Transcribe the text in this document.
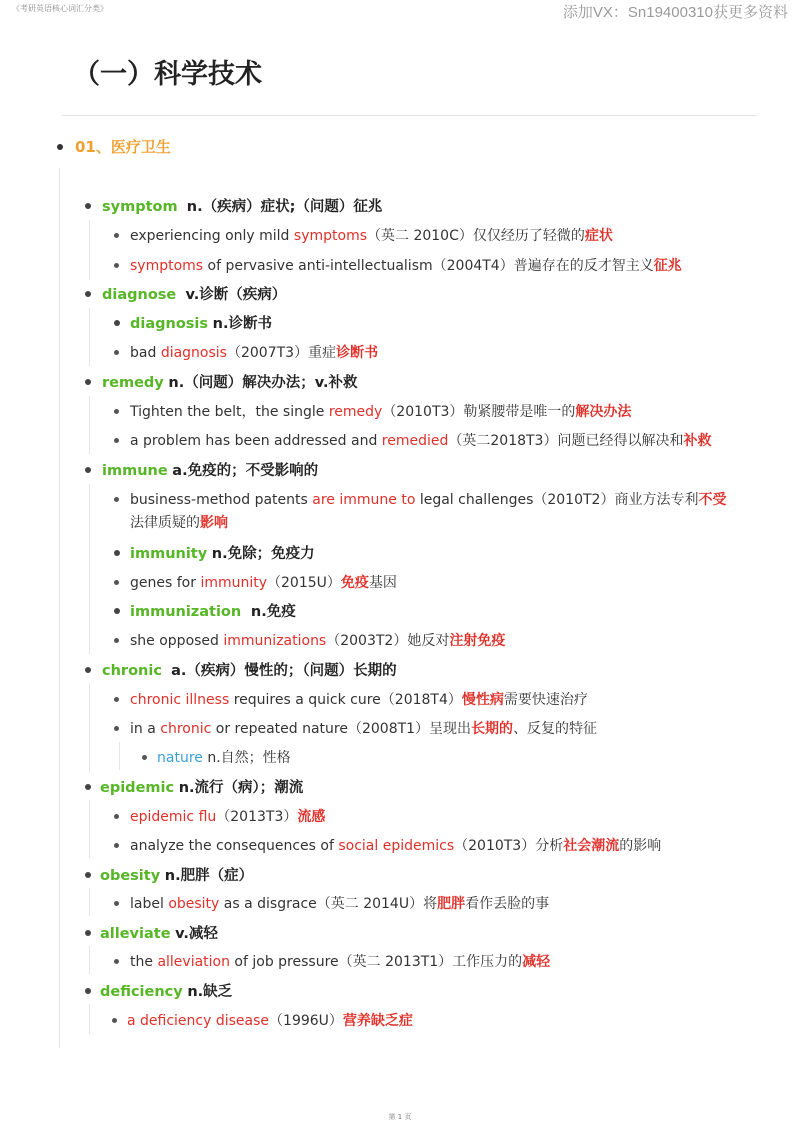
《考研英语核心词汇分类》	添加VX：Sn19400310获更多资料
（一）科学技术
01、医疗卫生
symptom n.（疾病）症状;（问题）征兆
experiencing only mild symptoms（英二 2010C）仅仅经历了轻微的症状
symptoms of pervasive anti-intellectualism（2004T4）普遍存在的反才智主义征兆
diagnose v.诊断（疾病）
diagnosis n.诊断书
bad diagnosis（2007T3）重症诊断书
remedy n.（问题）解决办法；v.补救
Tighten the belt，the single remedy（2010T3）勒紧腰带是唯一的解决办法
a problem has been addressed and remedied（英二2018T3）问题已经得以解决和补救
immune a.免疫的；不受影响的
business-method patents are immune to legal challenges（2010T2）商业方法专利不受
法律质疑的影响
immunity n.免除；免疫力
genes for immunity（2015U）免疫基因
immunization  n.免疫
she opposed immunizations（2003T2）她反对注射免疫
chronic a.（疾病）慢性的；（问题）长期的
chronic illness requires a quick cure（2018T4）慢性病需要快速治疗
in a chronic or repeated nature（2008T1）呈现出长期的、反复的特征
nature n.自然；性格
epidemic n.流行（病）；潮流
epidemic flu（2013T3）流感
analyze the consequences of social epidemics（2010T3）分析社会潮流的影响
obesity n.肥胖（症）
label obesity as a disgrace（英二 2014U）将肥胖看作丢脸的事
alleviate v.减轻
the alleviation of job pressure（英二 2013T1）工作压力的减轻
deficiency n.缺乏
a deficiency disease（1996U）营养缺乏症
第 1 页
